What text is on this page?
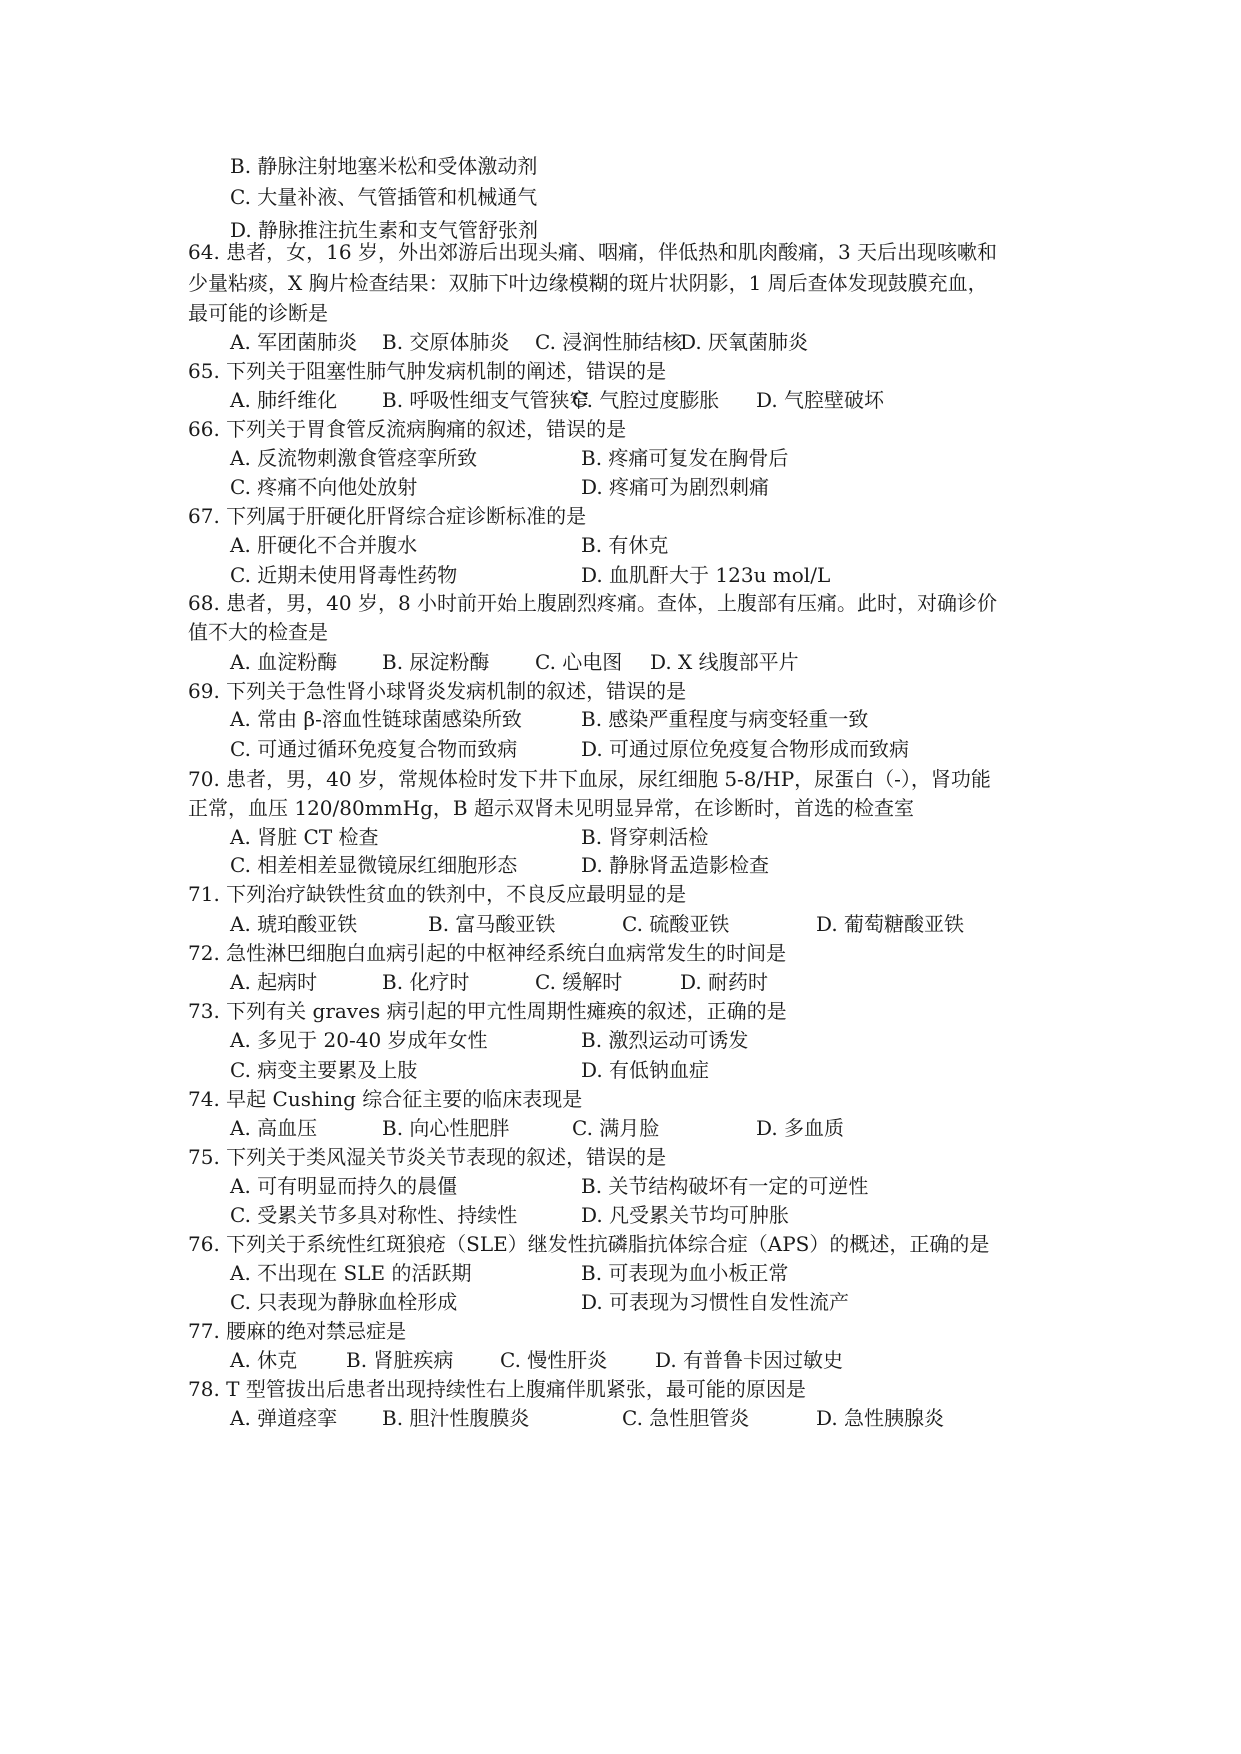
B. 静脉注射地塞米松和受体激动剂
C. 大量补液、气管插管和机械通气
D. 静脉推注抗生素和支气管舒张剂
64. 患者，女，16 岁，外出郊游后出现头痛、咽痛，伴低热和肌肉酸痛，3 天后出现咳嗽和
少量粘痰，X 胸片检查结果：双肺下叶边缘模糊的斑片状阴影，1 周后查体发现鼓膜充血，
最可能的诊断是
A. 军团菌肺炎 B. 交原体肺炎 C. 浸润性肺结核
D. 厌氧菌肺炎
65. 下列关于阻塞性肺气肿发病机制的阐述，错误的是
A. 肺纤维化 B. 呼吸性细支气管狭窄
C. 气腔过度膨胀 D. 气腔壁破坏
66. 下列关于胃食管反流病胸痛的叙述，错误的是
A. 反流物刺激食管痉挛所致	B. 疼痛可复发在胸骨后
C. 疼痛不向他处放射	D. 疼痛可为剧烈刺痛
67. 下列属于肝硬化肝肾综合症诊断标准的是
A. 肝硬化不合并腹水	B. 有休克
C. 近期未使用肾毒性药物	D. 血肌酐大于 123u mol/L
68. 患者，男，40 岁，8 小时前开始上腹剧烈疼痛。查体，上腹部有压痛。此时，对确诊价
值不大的检查是
A. 血淀粉酶 B. 尿淀粉酶 C. 心电图 D. X 线腹部平片
69. 下列关于急性肾小球肾炎发病机制的叙述，错误的是
A. 常由 β-溶血性链球菌感染所致	B. 感染严重程度与病变轻重一致
C. 可通过循环免疫复合物而致病	D. 可通过原位免疫复合物形成而致病
70. 患者，男，40 岁，常规体检时发下井下血尿，尿红细胞 5-8/HP，尿蛋白（-），肾功能
正常，血压 120/80mmHg，B 超示双肾未见明显异常，在诊断时，首选的检查室
A. 肾脏 CT 检查	B. 肾穿刺活检
C. 相差相差显微镜尿红细胞形态	D. 静脉肾盂造影检查
71. 下列治疗缺铁性贫血的铁剂中，不良反应最明显的是
A. 琥珀酸亚铁	B. 富马酸亚铁	C. 硫酸亚铁	D. 葡萄糖酸亚铁
72. 急性淋巴细胞白血病引起的中枢神经系统白血病常发生的时间是
A. 起病时	B. 化疗时	C. 缓解时	D. 耐药时
73. 下列有关 graves 病引起的甲亢性周期性瘫痪的叙述，正确的是
A. 多见于 20-40 岁成年女性	B. 激烈运动可诱发
C. 病变主要累及上肢	D. 有低钠血症
74. 早起 Cushing 综合征主要的临床表现是
A. 高血压	B. 向心性肥胖	C. 满月脸	D. 多血质
75. 下列关于类风湿关节炎关节表现的叙述，错误的是
A. 可有明显而持久的晨僵	B. 关节结构破坏有一定的可逆性
C. 受累关节多具对称性、持续性	D. 凡受累关节均可肿胀
76. 下列关于系统性红斑狼疮（SLE）继发性抗磷脂抗体综合症（APS）的概述，正确的是
A. 不出现在 SLE 的活跃期	B. 可表现为血小板正常
C. 只表现为静脉血栓形成	D. 可表现为习惯性自发性流产
77. 腰麻的绝对禁忌症是
A. 休克 B. 肾脏疾病 C. 慢性肝炎 D. 有普鲁卡因过敏史
78. T 型管拔出后患者出现持续性右上腹痛伴肌紧张，最可能的原因是
A. 弹道痉挛 B. 胆汁性腹膜炎	C. 急性胆管炎	D. 急性胰腺炎
